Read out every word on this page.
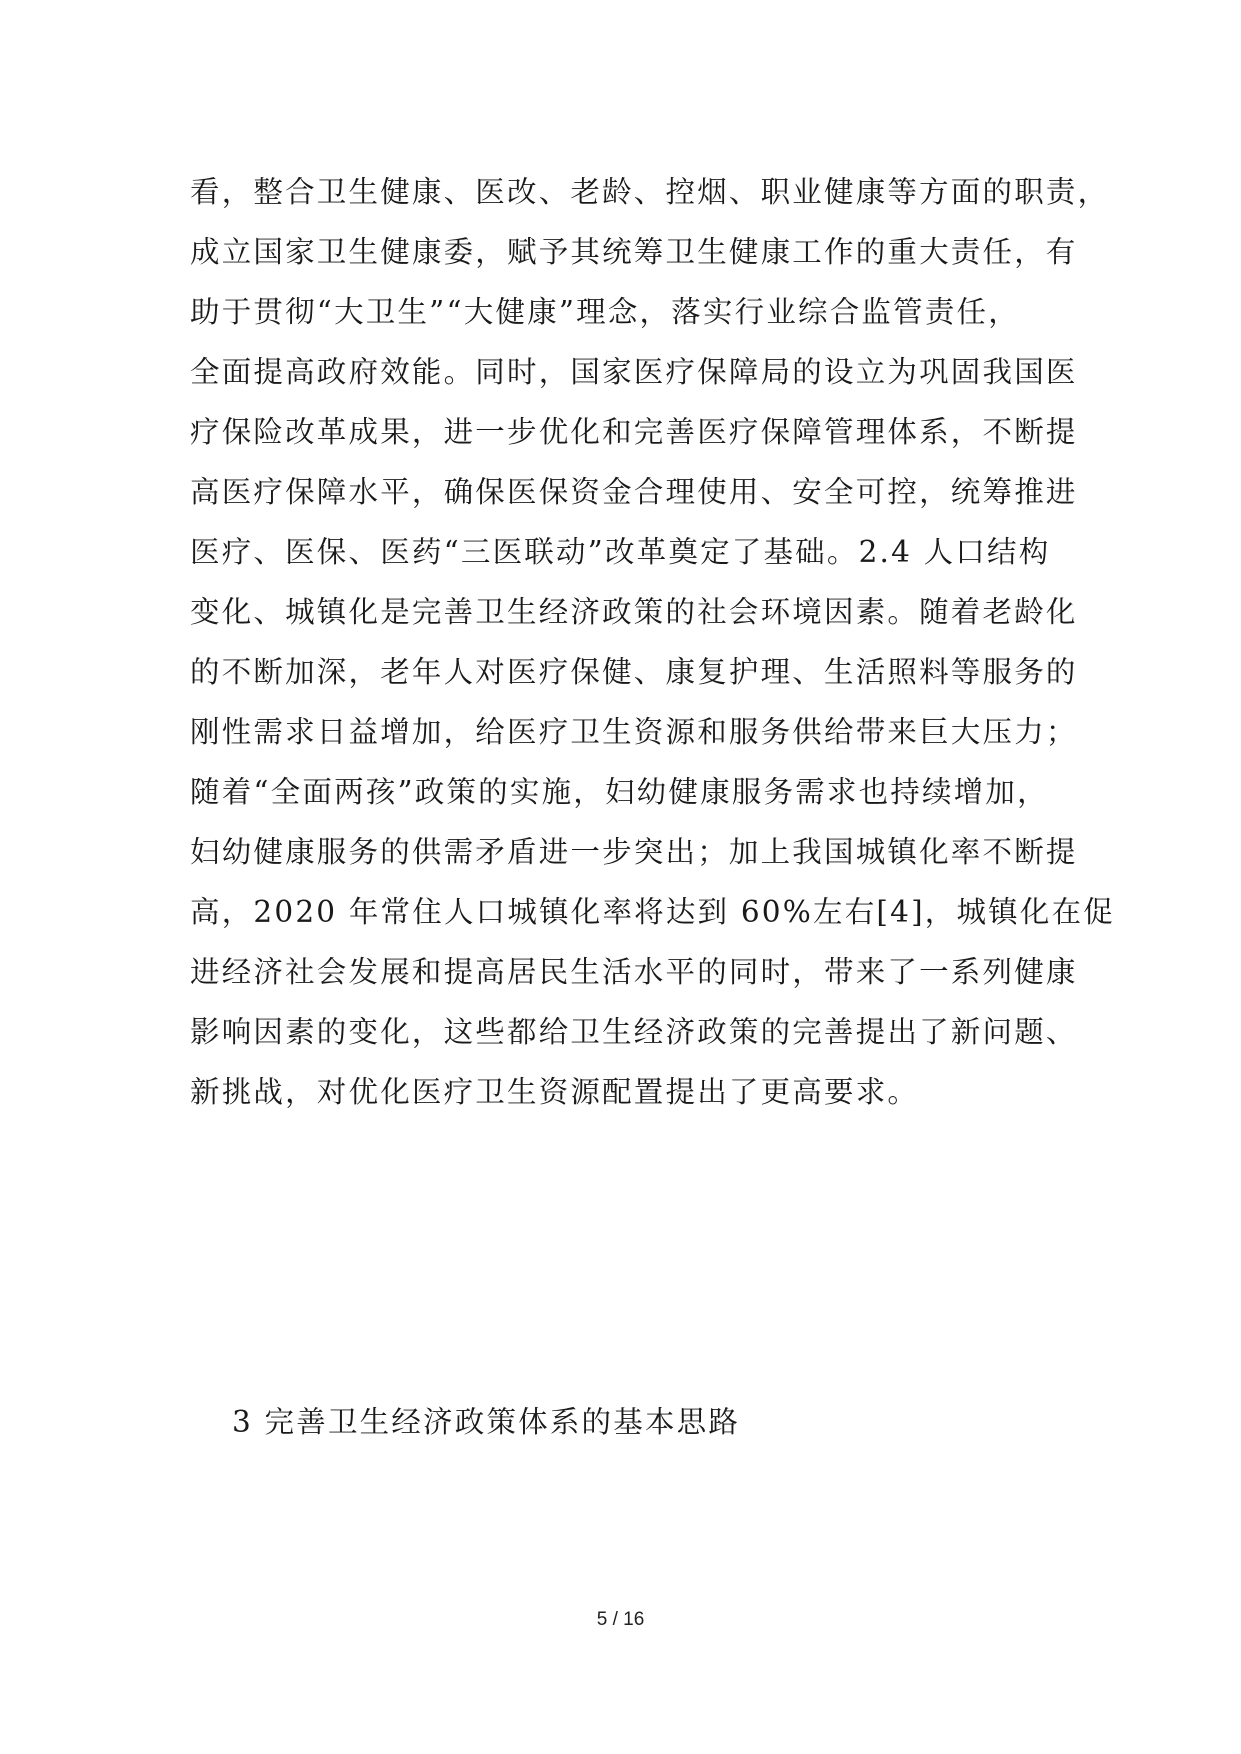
看，整合卫生健康、医改、老龄、控烟、职业健康等方面的职责，
成立国家卫生健康委，赋予其统筹卫生健康工作的重大责任，有
助于贯彻“大卫生”“大健康”理念，落实行业综合监管责任，
全面提高政府效能。同时，国家医疗保障局的设立为巩固我国医
疗保险改革成果，进一步优化和完善医疗保障管理体系，不断提
高医疗保障水平，确保医保资金合理使用、安全可控，统筹推进
医疗、医保、医药“三医联动”改革奠定了基础。2.4 人口结构
变化、城镇化是完善卫生经济政策的社会环境因素。随着老龄化
的不断加深，老年人对医疗保健、康复护理、生活照料等服务的
刚性需求日益增加，给医疗卫生资源和服务供给带来巨大压力；
随着“全面两孩”政策的实施，妇幼健康服务需求也持续增加，
妇幼健康服务的供需矛盾进一步突出；加上我国城镇化率不断提
高，2020 年常住人口城镇化率将达到 60%左右[4]，城镇化在促
进经济社会发展和提高居民生活水平的同时，带来了一系列健康
影响因素的变化，这些都给卫生经济政策的完善提出了新问题、
新挑战，对优化医疗卫生资源配置提出了更高要求。
3 完善卫生经济政策体系的基本思路
5 / 16
